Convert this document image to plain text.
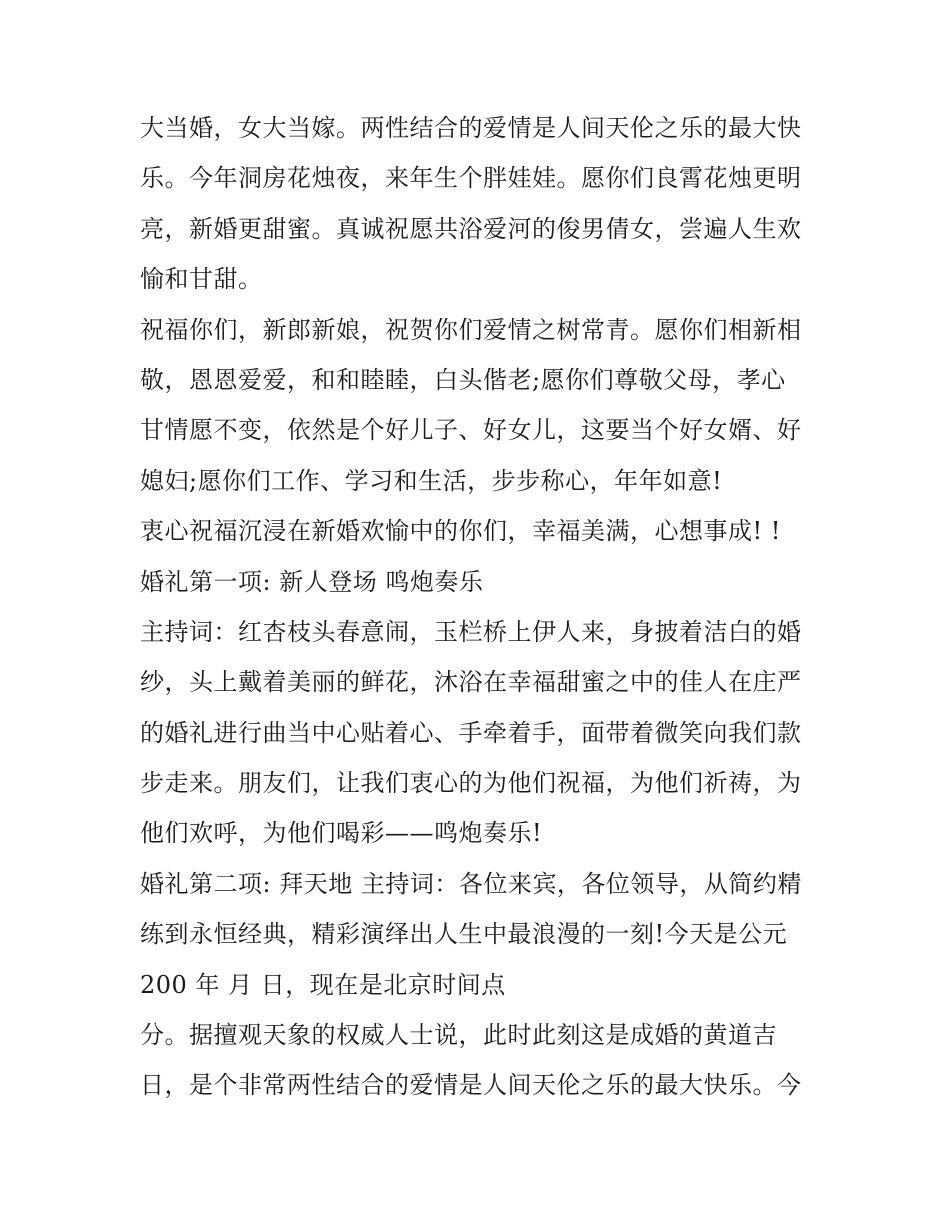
大当婚，女大当嫁。两性结合的爱情是人间天伦之乐的最大快
乐。今年洞房花烛夜，来年生个胖娃娃。愿你们良霄花烛更明
亮，新婚更甜蜜。真诚祝愿共浴爱河的俊男倩女，尝遍人生欢
愉和甘甜。
祝福你们，新郎新娘，祝贺你们爱情之树常青。愿你们相新相
敬，恩恩爱爱，和和睦睦，白头偕老;愿你们尊敬父母，孝心
甘情愿不变，依然是个好儿子、好女儿，这要当个好女婿、好
媳妇;愿你们工作、学习和生活，步步称心，年年如意!
衷心祝福沉浸在新婚欢愉中的你们，幸福美满，心想事成! !
婚礼第一项: 新人登场 鸣炮奏乐
主持词：红杏枝头春意闹，玉栏桥上伊人来，身披着洁白的婚
纱，头上戴着美丽的鲜花，沐浴在幸福甜蜜之中的佳人在庄严
的婚礼进行曲当中心贴着心、手牵着手，面带着微笑向我们款
步走来。朋友们，让我们衷心的为他们祝福，为他们祈祷，为
他们欢呼，为他们喝彩——鸣炮奏乐!
婚礼第二项: 拜天地 主持词：各位来宾，各位领导，从简约精
练到永恒经典，精彩演绎出人生中最浪漫的一刻!今天是公元
200 年 月 日，现在是北京时间点
分。据擅观天象的权威人士说，此时此刻这是成婚的黄道吉
日，是个非常两性结合的爱情是人间天伦之乐的最大快乐。今
